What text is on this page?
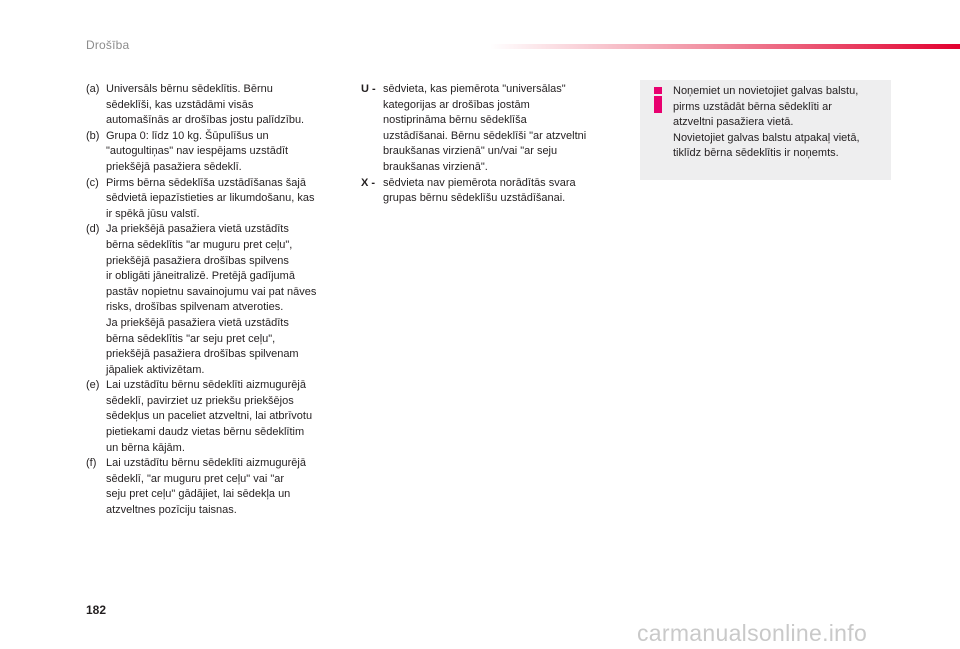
Drošība
(a) Universāls bērnu sēdeklītis. Bērnu
sēdeklīši, kas uzstādāmi visās
automašīnās ar drošības jostu palīdzību.
(b) Grupa 0: līdz 10 kg. Šūpulīšus un
"autogultiņas" nav iespējams uzstādīt
priekšējā pasažiera sēdeklī.
(c) Pirms bērna sēdeklīša uzstādīšanas šajā
sēdvietā iepazīstieties ar likumdošanu, kas
ir spēkā jūsu valstī.
(d) Ja priekšējā pasažiera vietā uzstādīts
bērna sēdeklītis "ar muguru pret ceļu",
priekšējā pasažiera drošības spilvens
ir obligāti jāneitralizē. Pretējā gadījumā
pastāv nopietnu savainojumu vai pat nāves
risks, drošības spilvenam atveroties.
Ja priekšējā pasažiera vietā uzstādīts
bērna sēdeklītis "ar seju pret ceļu",
priekšējā pasažiera drošības spilvenam
jāpaliek aktivizētam.
(e) Lai uzstādītu bērnu sēdeklīti aizmugurējā
sēdeklī, pavirziet uz priekšu priekšējos
sēdekļus un paceliet atzveltni, lai atbrīvotu
pietiekami daudz vietas bērnu sēdeklītim
un bērna kājām.
(f) Lai uzstādītu bērnu sēdeklīti aizmugurējā
sēdeklī, "ar muguru pret ceļu" vai "ar
seju pret ceļu" gādājiet, lai sēdekļa un
atzveltnes pozīciju taisnas.
U - sēdvieta, kas piemērota "universālas"
kategorijas ar drošības jostām
nostiprināma bērnu sēdeklīša
uzstādīšanai. Bērnu sēdeklīši "ar atzveltni
braukšanas virzienā" un/vai "ar seju
braukšanas virzienā".
X - sēdvieta nav piemērota norādītās svara
grupas bērnu sēdeklīšu uzstādīšanai.
Noņemiet un novietojiet galvas balstu,
pirms uzstādāt bērna sēdeklīti ar
atzveltni pasažiera vietā.
Novietojiet galvas balstu atpakaļ vietā,
tiklīdz bērna sēdeklītis ir noņemts.
182
carmanualsonline.info
